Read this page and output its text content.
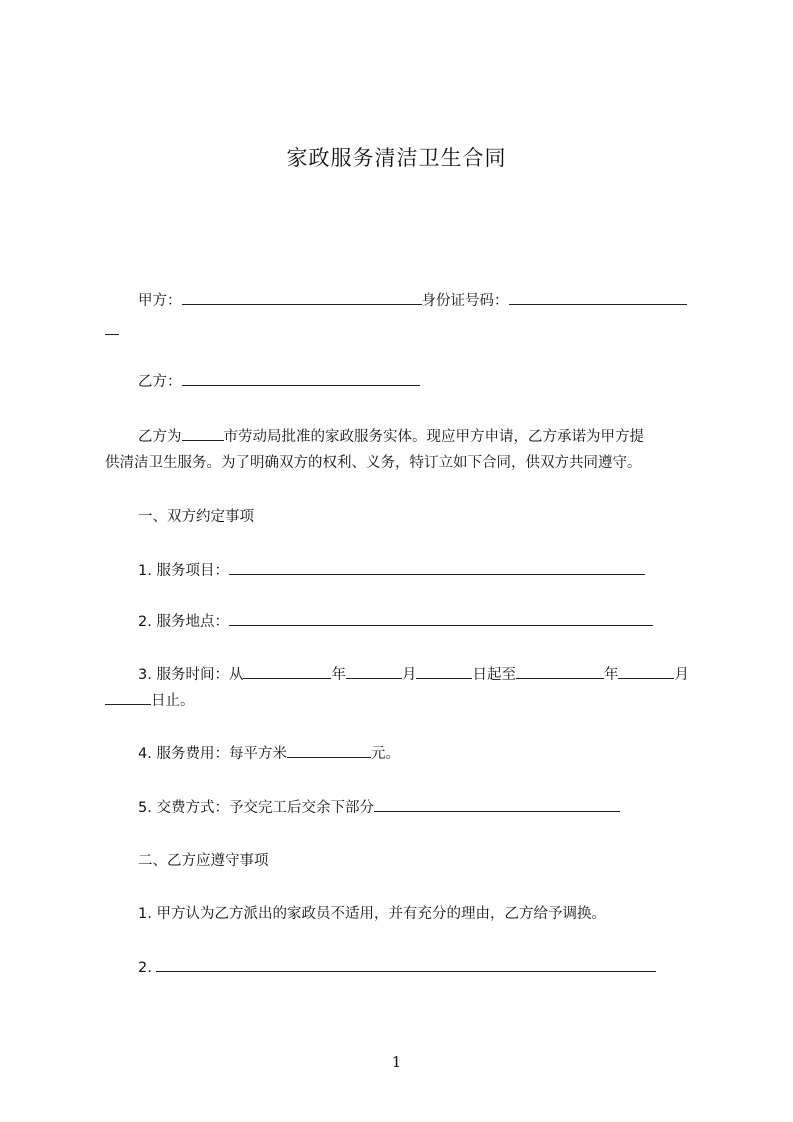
家政服务清洁卫生合同
甲方：	身份证号码：
乙方：
乙方为	市劳动局批准的家政服务实体。现应甲方申请，乙方承诺为甲方提
供清洁卫生服务。为了明确双方的权利、义务，特订立如下合同，供双方共同遵守。
一、双方约定事项
1. 服务项目：
2. 服务地点：
3. 服务时间：从	年	月	日起至	年	月
日止。
4. 服务费用：每平方米	元。
5. 交费方式：予交完工后交余下部分
二、乙方应遵守事项
1. 甲方认为乙方派出的家政员不适用，并有充分的理由，乙方给予调换。
2.
1
